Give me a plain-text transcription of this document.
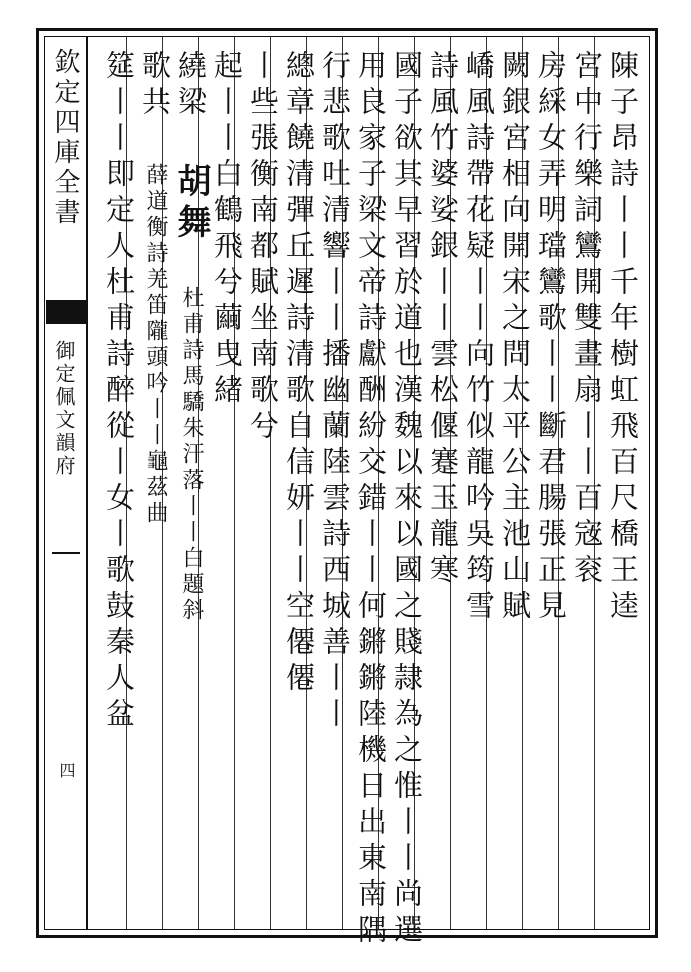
欽定四庫全書
御定佩文韻府
四
陳子昂詩丨丨千年樹虹飛百尺橋王逵
宮中行樂詞鸞開雙畫扇丨丨百宼衮
房綵女弄明璫鸞歌丨丨斷君腸張正見
闕銀宮相向開宋之問太平公主池山賦
嶠風詩帶花疑丨丨向竹似龍吟吳筠雪
詩風竹婆娑銀丨丨雲松偃蹇玉龍寒
國子欲其早習於道也漢魏以來以國之賤隷為之惟丨丨尚選
用良家子梁文帝詩獻酬紛交錯丨丨何鏘鏘陸機日出東南隅
行悲歌吐清響丨丨播幽蘭陸雲詩西城善丨丨
總章饒清彈丘遲詩清歌自信妍丨丨空僊僊
丨些張衡南都賦坐南歌兮
起丨丨白鶴飛兮繭曳緒
繞梁 胡舞 杜甫詩馬驕朱汗落丨丨白題斜
歌共 薛道衡詩羌笛隴頭吟丨丨龜茲曲
筵丨丨即定人杜甫詩醉從丨女丨歌鼓秦人盆
